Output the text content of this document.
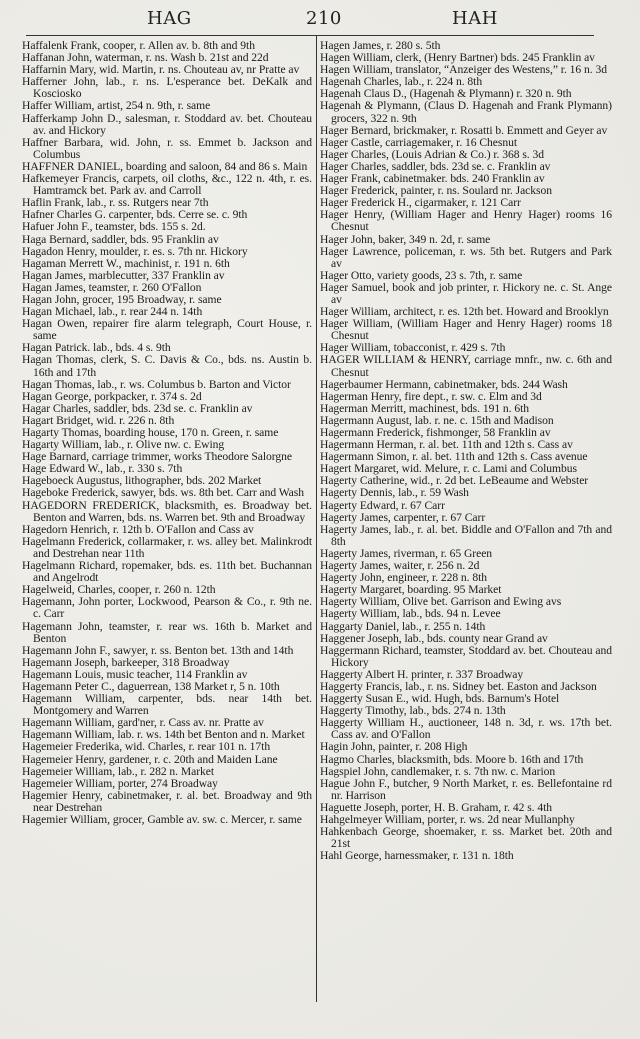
HAG	210	HAH

Haffalenk Frank, cooper, r. Allen av. b. 8th and 9th

Haffanan John, waterman, r. ns. Wash b. 21st and 22d

Haffarnin Mary, wid. Martin, r. ns. Chouteau av, nr Pratte av

Hafferner John, lab., r. ns. L'esperance bet. DeKalk and Kosciosko

Haffer William, artist, 254 n. 9th, r. same

Hafferkamp John D., salesman, r. Stoddard av. bet. Chouteau av. and Hickory

Haffner Barbara, wid. John, r. ss. Emmet b. Jackson and Columbus

HAFFNER DANIEL, boarding and saloon, 84 and 86 s. Main

Hafkemeyer Francis, carpets, oil cloths, &c., 122 n. 4th, r. es. Hamtramck bet. Park av. and Carroll

Haflin Frank, lab., r. ss. Rutgers near 7th

Hafner Charles G. carpenter, bds. Cerre se. c. 9th

Hafuer John F., teamster, bds. 155 s. 2d.

Haga Bernard, saddler, bds. 95 Franklin av

Hagadon Henry, moulder, r. es. s. 7th nr. Hickory

Hagaman Merrett W., machinist, r. 191 n. 6th

Hagan James, marblecutter, 337 Franklin av

Hagan James, teamster, r. 260 O'Fallon

Hagan John, grocer, 195 Broadway, r. same

Hagan Michael, lab., r. rear 244 n. 14th

Hagan Owen, repairer fire alarm telegraph, Court House, r. same

Hagan Patrick. lab., bds. 4 s. 9th

Hagan Thomas, clerk, S. C. Davis & Co., bds. ns. Austin b. 16th and 17th

Hagan Thomas, lab., r. ws. Columbus b. Barton and Victor

Hagan George, porkpacker, r. 374 s. 2d

Hagar Charles, saddler, bds. 23d se. c. Franklin av

Hagart Bridget, wid. r. 226 n. 8th

Hagarty Thomas, boarding house, 170 n. Green, r. same

Hagarty William, lab., r. Olive nw. c. Ewing

Hage Barnard, carriage trimmer, works Theodore Salorgne

Hage Edward W., lab., r. 330 s. 7th

Hageboeck Augustus, lithographer, bds. 202 Market

Hageboke Frederick, sawyer, bds. ws. 8th bet. Carr and Wash

HAGEDORN FREDERICK, blacksmith, es. Broadway bet. Benton and Warren, bds. ns. Warren bet. 9th and Broadway

Hagedorn Henrich, r. 12th b. O'Fallon and Cass av

Hagelmann Frederick, collarmaker, r. ws. alley bet. Malinkrodt and Destrehan near 11th

Hagelmann Richard, ropemaker, bds. es. 11th bet. Buchannan and Angelrodt

Hagelweid, Charles, cooper, r. 260 n. 12th

Hagemann, John porter, Lockwood, Pearson & Co., r. 9th ne. c. Carr

Hagemann John, teamster, r. rear ws. 16th b. Market and Benton

Hagemann John F., sawyer, r. ss. Benton bet. 13th and 14th

Hagemann Joseph, barkeeper, 318 Broadway

Hagemann Louis, music teacher, 114 Franklin av

Hagemann Peter C., daguerrean, 138 Market r, 5 n. 10th

Hagemann William, carpenter, bds. near 14th bet. Montgomery and Warren

Hagemann William, gard'ner, r. Cass av. nr. Pratte av

Hagemann William, lab. r. ws. 14th bet Benton and n. Market

Hagemeier Frederika, wid. Charles, r. rear 101 n. 17th

Hagemeier Henry, gardener, r. c. 20th and Maiden Lane

Hagemeier William, lab., r. 282 n. Market

Hagemeier William, porter, 274 Broadway

Hagemier Henry, cabinetmaker, r. al. bet. Broadway and 9th near Destrehan

Hagemier William, grocer, Gamble av. sw. c. Mercer, r. same

Hagen James, r. 280 s. 5th

Hagen William, clerk, (Henry Bartner) bds. 245 Franklin av

Hagen William, translator, “Anzeiger des Westens,” r. 16 n. 3d

Hagenah Charles, lab., r. 224 n. 8th

Hagenah Claus D., (Hagenah & Plymann) r. 320 n. 9th

Hagenah & Plymann, (Claus D. Hagenah and Frank Plymann) grocers, 322 n. 9th

Hager Bernard, brickmaker, r. Rosatti b. Emmett and Geyer av

Hager Castle, carriagemaker, r. 16 Chesnut

Hager Charles, (Louis Adrian & Co.) r. 368 s. 3d

Hager Charles, saddler, bds. 23d se. c. Franklin av

Hager Frank, cabinetmaker. bds. 240 Franklin av

Hager Frederick, painter, r. ns. Soulard nr. Jackson

Hager Frederick H., cigarmaker, r. 121 Carr

Hager Henry, (William Hager and Henry Hager) rooms 16 Chesnut

Hager John, baker, 349 n. 2d, r. same

Hager Lawrence, policeman, r. ws. 5th bet. Rutgers and Park av

Hager Otto, variety goods, 23 s. 7th, r. same

Hager Samuel, book and job printer, r. Hickory ne. c. St. Ange av

Hager William, architect, r. es. 12th bet. Howard and Brooklyn

Hager William, (William Hager and Henry Hager) rooms 18 Chesnut

Hager William, tobacconist, r. 429 s. 7th

HAGER WILLIAM & HENRY, carriage mnfr., nw. c. 6th and Chesnut

Hagerbaumer Hermann, cabinetmaker, bds. 244 Wash

Hagerman Henry, fire dept., r. sw. c. Elm and 3d

Hagerman Merritt, machinest, bds. 191 n. 6th

Hagermann August, lab. r. ne. c. 15th and Madison

Hagermann Frederick, fishmonger, 58 Franklin av

Hagermann Herman, r. al. bet. 11th and 12th s. Cass av

Hagermann Simon, r. al. bet. 11th and 12th s. Cass avenue

Hagert Margaret, wid. Melure, r. c. Lami and Columbus

Hagerty Catherine, wid., r. 2d bet. LeBeaume and Webster

Hagerty Dennis, lab., r. 59 Wash

Hagerty Edward, r. 67 Carr

Hagerty James, carpenter, r. 67 Carr

Hagerty James, lab., r. al. bet. Biddle and O'Fallon and 7th and 8th

Hagerty James, riverman, r. 65 Green

Hagerty James, waiter, r. 256 n. 2d

Hagerty John, engineer, r. 228 n. 8th

Hagerty Margaret, boarding. 95 Market

Hagerty William, Olive bet. Garrison and Ewing avs

Hagerty William, lab., bds. 94 n. Levee

Haggarty Daniel, lab., r. 255 n. 14th

Haggener Joseph, lab., bds. county near Grand av

Haggermann Richard, teamster, Stoddard av. bet. Chouteau and Hickory

Haggerty Albert H. printer, r. 337 Broadway

Haggerty Francis, lab., r. ns. Sidney bet. Easton and Jackson

Haggerty Susan E., wid. Hugh, bds. Barnum's Hotel

Haggerty Timothy, lab., bds. 274 n. 13th

Haggerty William H., auctioneer, 148 n. 3d, r. ws. 17th bet. Cass av. and O'Fallon

Hagin John, painter, r. 208 High

Hagmo Charles, blacksmith, bds. Moore b. 16th and 17th

Hagspiel John, candlemaker, r. s. 7th nw. c. Marion

Hague John F., butcher, 9 North Market, r. es. Bellefontaine rd nr. Harrison

Haguette Joseph, porter, H. B. Graham, r. 42 s. 4th

Hahgelmeyer William, porter, r. ws. 2d near Mullanphy

Hahkenbach George, shoemaker, r. ss. Market bet. 20th and 21st

Hahl George, harnessmaker, r. 131 n. 18th
